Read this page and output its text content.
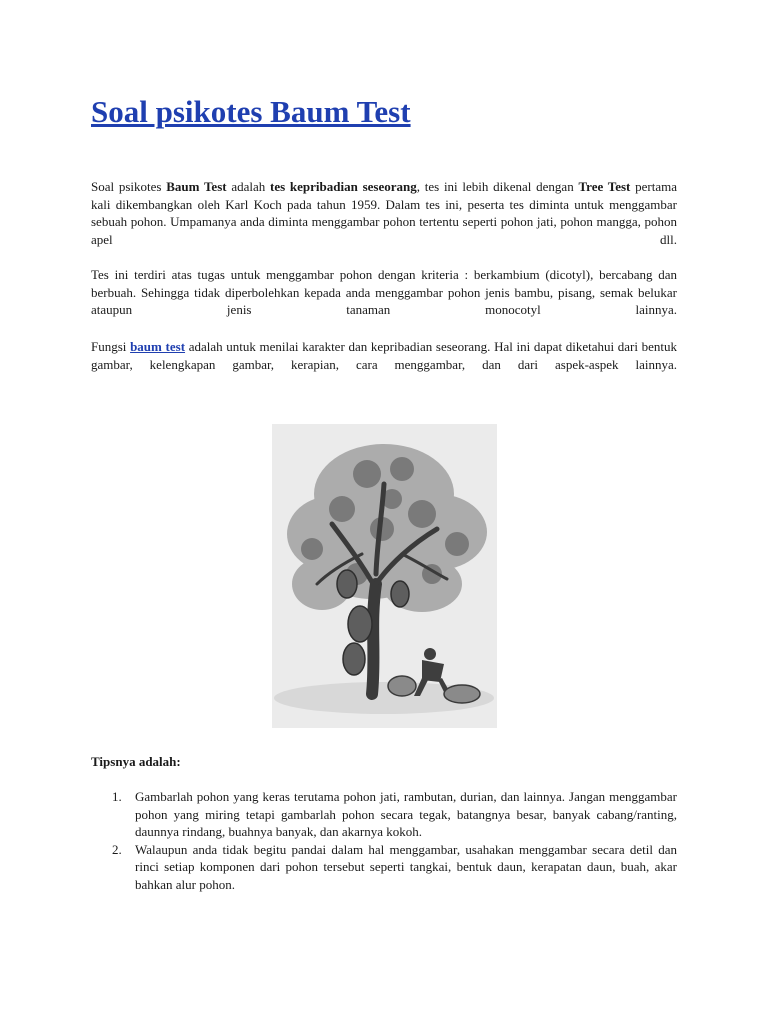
Soal psikotes Baum Test

Soal psikotes Baum Test adalah tes kepribadian seseorang, tes ini lebih dikenal dengan Tree Test pertama kali dikembangkan oleh Karl Koch pada tahun 1959. Dalam tes ini, peserta tes diminta untuk menggambar sebuah pohon. Umpamanya anda diminta menggambar pohon tertentu seperti pohon jati, pohon mangga, pohon apel dll.

Tes ini terdiri atas tugas untuk menggambar pohon dengan kriteria : berkambium (dicotyl), bercabang dan berbuah. Sehingga tidak diperbolehkan kepada anda menggambar pohon jenis bambu, pisang, semak belukar ataupun jenis tanaman monocotyl lainnya.

Fungsi baum test adalah untuk menilai karakter dan kepribadian seseorang. Hal ini dapat diketahui dari bentuk gambar, kelengkapan gambar, kerapian, cara menggambar, dan dari aspek-aspek lainnya.

Tipsnya adalah:

1. Gambarlah pohon yang keras terutama pohon jati, rambutan, durian, dan lainnya. Jangan menggambar pohon yang miring tetapi gambarlah pohon secara tegak, batangnya besar, banyak cabang/ranting, daunnya rindang, buahnya banyak, dan akarnya kokoh.
2. Walaupun anda tidak begitu pandai dalam hal menggambar, usahakan menggambar secara detil dan rinci setiap komponen dari pohon tersebut seperti tangkai, bentuk daun, kerapatan daun, buah, akar bahkan alur pohon.
